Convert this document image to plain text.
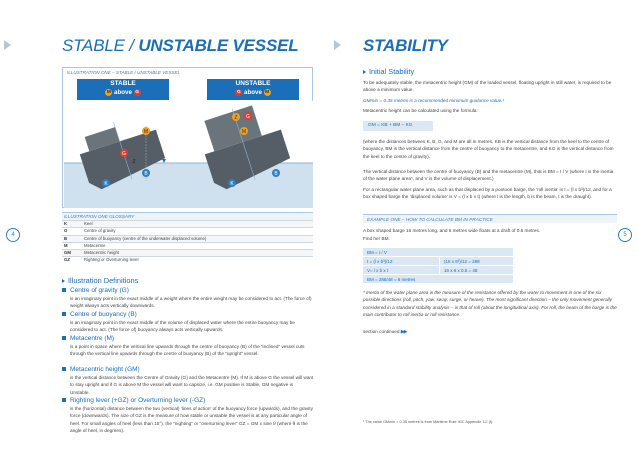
STABLE / UNSTABLE VESSEL
ILLUSTRATION ONE – STABLE / UNSTABLE VESSEL
STABLE
M above G
UNSTABLE
G above M
M
G
Z
B
K
G
Z
M
B
K
ILLUSTRATION ONE GLOSSARY
K	Keel
G	Centre of gravity
B	Centre of buoyancy (centre of the underwater displaced volume)
M	Metacentre
GM	Metacentric height
GZ	Righting or Overturning lever
Illustration Definitions
Centre of gravity (G)
is an imaginary point in the exact middle of a weight where the entire weight may be considered to act. (The force of) weight always acts vertically downwards.
Centre of buoyancy (B)
is an imaginary point in the exact middle of the volume of displaced water where the entire buoyancy may be considered to act. (The force of) buoyancy always acts vertically upwards.
Metacentre (M)
is a point in space where the vertical line upwards through the centre of buoyancy (B) of the “inclined” vessel cuts through the vertical line upwards through the centre of buoyancy (B) of the “upright” vessel.
Metacentric height (GM)
is the vertical distance between the Centre of Gravity (G) and the Metacentre (M). If M is above G the vessel will want to stay upright and if G is above M the vessel will want to capsize, i.e. GM positive is Stable, GM negative is Unstable.
Righting lever (+GZ) or Overturning lever (-GZ)
is the (horizontal) distance between the two (vertical) ‘lines of action’ of the buoyancy force (upwards), and the gravity force (downwards). The size of GZ is the measure of how stable or unstable the vessel is at any particular angle of heel. For small angles of heel (less than 15°), the “nighting” or “overturning lever” GZ = GM x sine θ (where θ is the angle of heel, in degrees).
4
STABILITY
Initial Stability
To be adequately stable, the metacentric height (GM) of the loaded vessel, floating upright in still water, is required to be above a minimum value.
GMmin = 0.35 metres is a recommended minimum guidance value.¹
Metacentric height can be calculated using the formula:
GM = KB + BM – KG
(where the distances between K, B, G, and M are all in metres, KB is the vertical distance from the keel to the centre of buoyancy, BM is the vertical distance from the centre of buoyancy to the metacentre, and KG is the vertical distance from the keel to the centre of gravity).
The vertical distance between the centre of buoyancy (B) and the metacentre (M), that is BM = I / V (where I is the inertia of the water plane area*, and V is the volume of displacement.)
For a rectangular water plane area, such as that displaced by a pontoon barge, the ‘roll inertia’ is I = (l x b³)/12, and for a box shaped barge the ‘displaced volume’ is V = (l x b x t) (where l is the length, b is the beam, t is the draught).
EXAMPLE ONE – HOW TO CALCULATE BM IN PRACTICE
A box shaped barge 16 metres long, and 6 metres wide floats at a draft of 0.5 metres.
Find her BM.
BM = I / V
I = (l x b³)/12:	(16 x 6³)/12 = 288
V= l x b x t	16 x 6 x 0.5 = 48
BM = 288/48 = 6 metres
* Inertia of the water plane area is the measure of the resistance offered by the water to movement in one of the six possible directions (roll, pitch, yaw, sway, surge, or heave). The most significant direction – the only movement generally considered in a standard stability analysis – is that of roll (about the longitudinal axis). For roll, the beam of the barge is the main contributor to roll inertia or roll resistance.
section continued ▶▶
¹ The value GMmin = 0.35 metres is from Maritime Rule 40C Appendix 1.2 (f).
5
